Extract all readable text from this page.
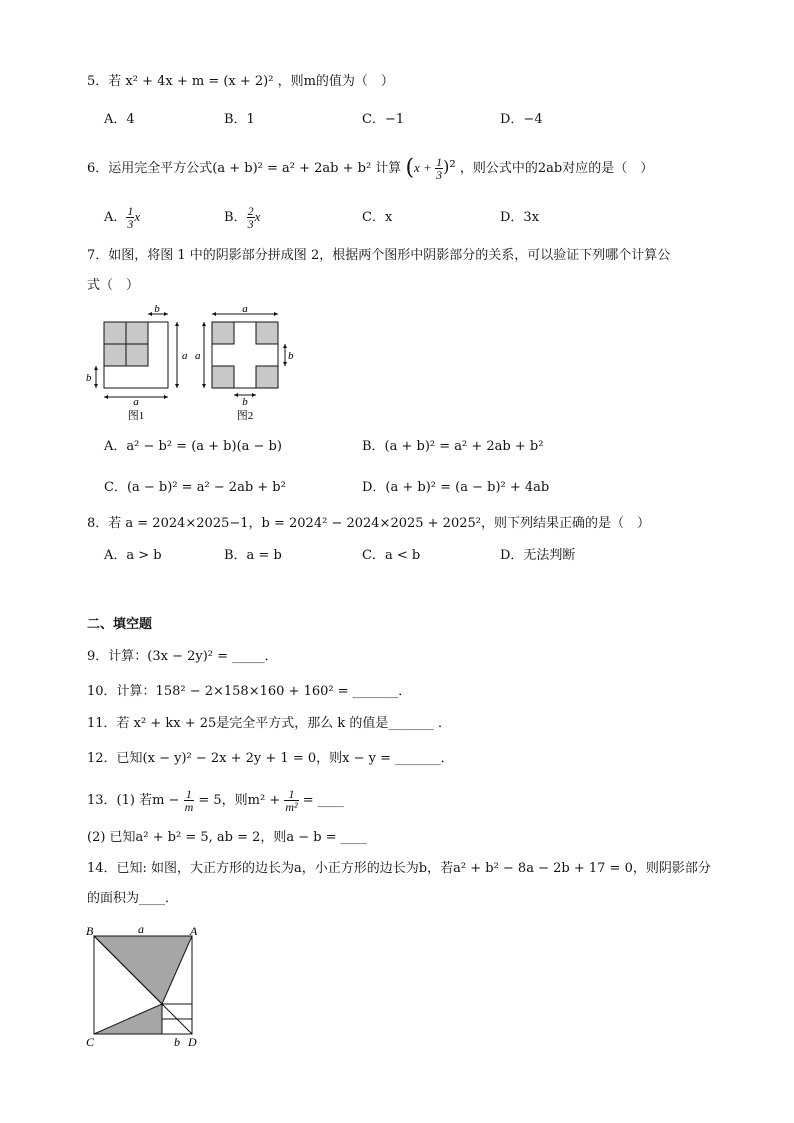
5．若 x² + 4x + m = (x + 2)² ，则m的值为（　）
A．4	B．1	C．−1	D．−4
6．运用完全平方公式(a + b)² = a² + 2ab + b² 计算 $(x + \frac{1}{3} )^2$ ，则公式中的2ab对应的是（　）
A． $\frac{1}{3}$ x	B． $\frac{2}{3}$ x	C．x	D．3x
7．如图，将图 1 中的阴影部分拼成图 2，根据两个图形中阴影部分的关系，可以验证下列哪个计算公
式（　）
b
a
b
a
图1
a
a	b
b
图2
A．a² − b² = (a + b)(a − b)	B．(a + b)² = a² + 2ab + b²
C．(a − b)² = a² − 2ab + b²	D．(a + b)² = (a − b)² + 4ab
8．若 a = 2024×2025−1，b = 2024² − 2024×2025 + 2025²，则下列结果正确的是（　）
A．a > b	B．a = b	C．a < b	D．无法判断
二、填空题
9．计算：(3x − 2y)² = _____．
10．计算：158² − 2×158×160 + 160² = _______．
11．若 x² + kx + 25是完全平方式，那么 k 的值是_______ ．
12．已知(x − y)² − 2x + 2y + 1 = 0，则x − y = _______．
13．(1) 若$m - \frac{1}{m} = 5$，则$m^2 + \frac{1}{\text{m²}}$ = ____
(2) 已知a² + b² = 5, ab = 2，则a − b = ____
14．已知: 如图，大正方形的边长为a，小正方形的边长为b，若a² + b² − 8a − 2b + 17 = 0，则阴影部分
的面积为____．
B	A
C	D
a
b
